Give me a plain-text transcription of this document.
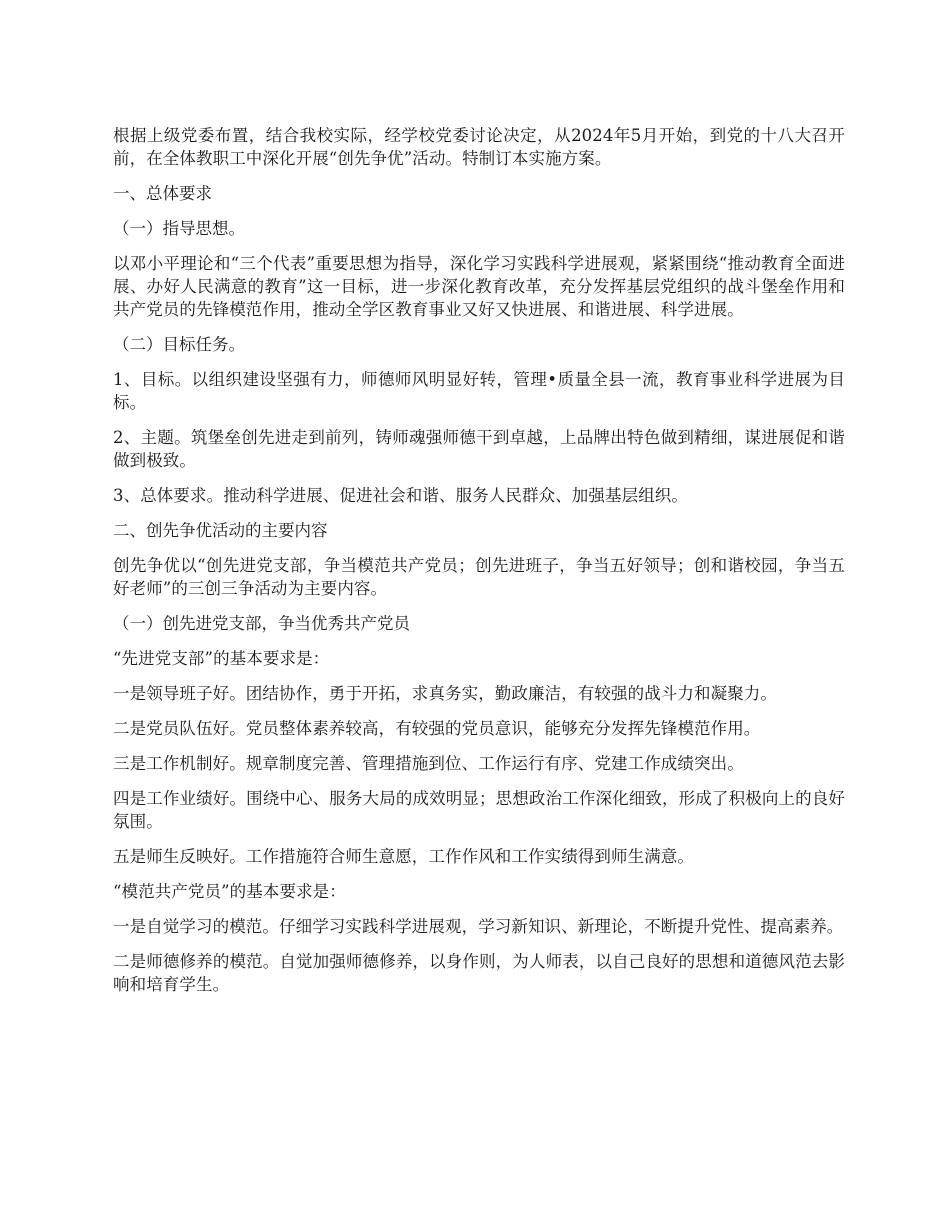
根据上级党委布置，结合我校实际，经学校党委讨论决定，从2024年5月开始，到党的十八大召开前，在全体教职工中深化开展“创先争优”活动。特制订本实施方案。

一、总体要求

（一）指导思想。

以邓小平理论和“三个代表”重要思想为指导，深化学习实践科学进展观，紧紧围绕“推动教育全面进展、办好人民满意的教育”这一目标，进一步深化教育改革，充分发挥基层党组织的战斗堡垒作用和共产党员的先锋模范作用，推动全学区教育事业又好又快进展、和谐进展、科学进展。

（二）目标任务。

1、目标。以组织建设坚强有力，师德师风明显好转，管理•质量全县一流，教育事业科学进展为目标。

2、主题。筑堡垒创先进走到前列，铸师魂强师德干到卓越，上品牌出特色做到精细，谋进展促和谐做到极致。

3、总体要求。推动科学进展、促进社会和谐、服务人民群众、加强基层组织。

二、创先争优活动的主要内容

创先争优以“创先进党支部，争当模范共产党员；创先进班子，争当五好领导；创和谐校园，争当五好老师”的三创三争活动为主要内容。

（一）创先进党支部，争当优秀共产党员

“先进党支部”的基本要求是：

一是领导班子好。团结协作，勇于开拓，求真务实，勤政廉洁，有较强的战斗力和凝聚力。

二是党员队伍好。党员整体素养较高，有较强的党员意识，能够充分发挥先锋模范作用。

三是工作机制好。规章制度完善、管理措施到位、工作运行有序、党建工作成绩突出。

四是工作业绩好。围绕中心、服务大局的成效明显；思想政治工作深化细致，形成了积极向上的良好氛围。

五是师生反映好。工作措施符合师生意愿，工作作风和工作实绩得到师生满意。

“模范共产党员”的基本要求是：

一是自觉学习的模范。仔细学习实践科学进展观，学习新知识、新理论，不断提升党性、提高素养。

二是师德修养的模范。自觉加强师德修养，以身作则，为人师表，以自己良好的思想和道德风范去影响和培育学生。
